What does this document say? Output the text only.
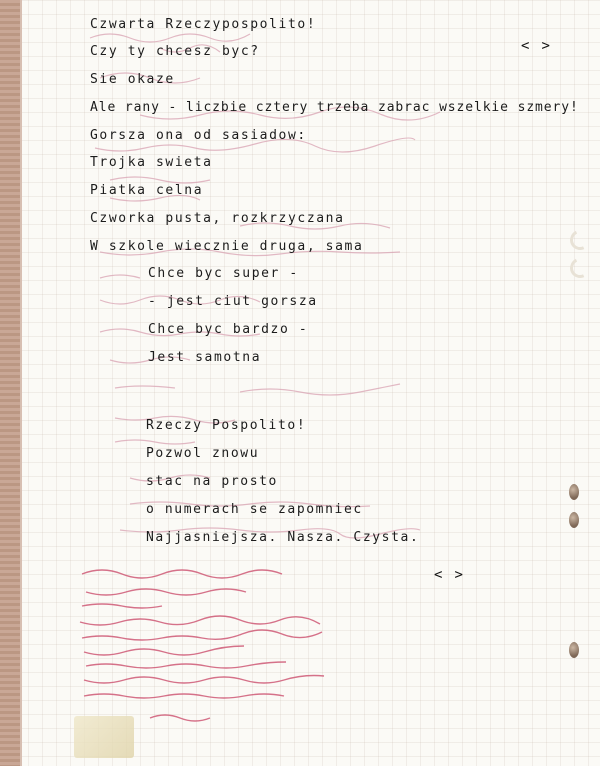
< >

Czwarta Rzeczypospolito!

Czy ty chcesz byc?

Sie okaze

Ale rany - liczbie cztery trzeba zabrac wszelkie szmery!

Gorsza ona od sasiadow:

Trojka swieta

Piatka celna

Czworka pusta, rozkrzyczana

W szkole wiecznie druga, sama

Chce byc super -

- jest ciut gorsza

Chce byc bardzo -

Jest samotna

Rzeczy Pospolito!

Pozwol znowu

stac na prosto

o numerach se zapomniec

Najjasniejsza. Nasza. Czysta.

< >
